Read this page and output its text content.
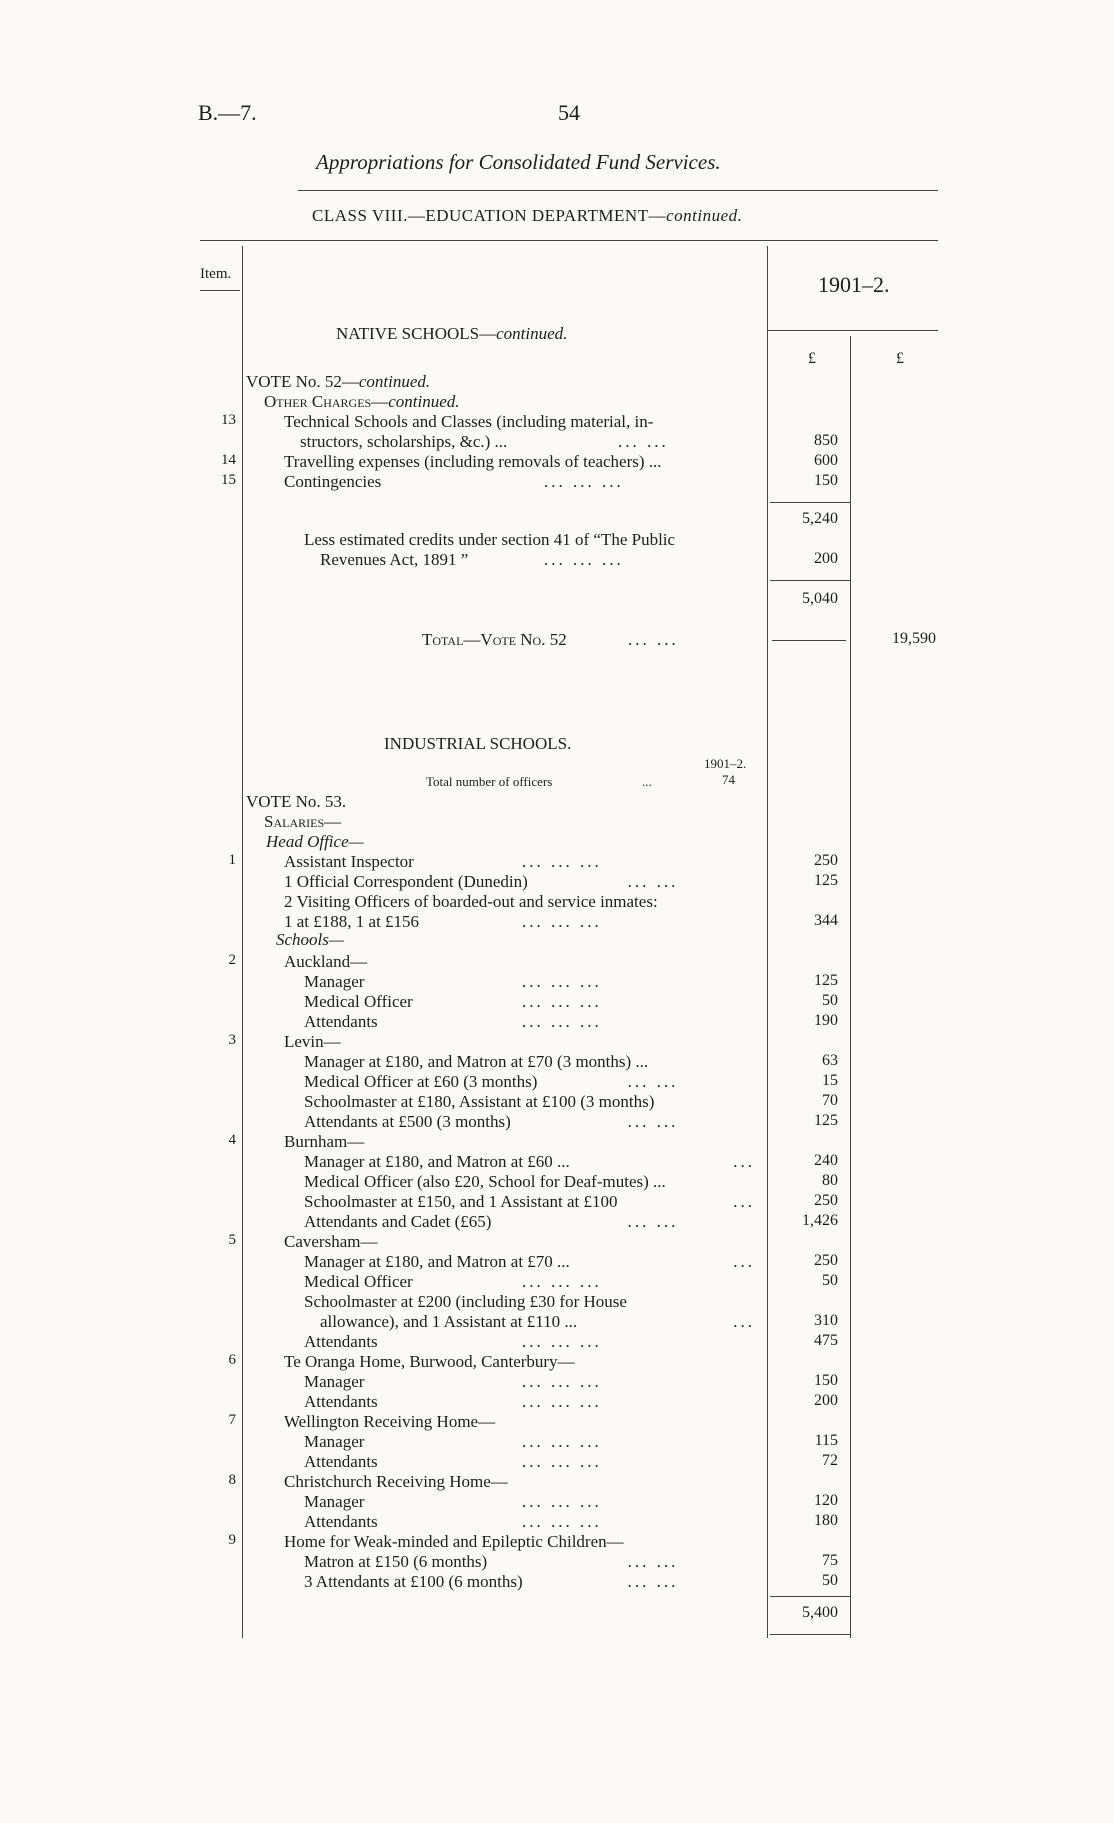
B.—7.	54
Appropriations for Consolidated Fund Services.
CLASS VIII.—EDUCATION DEPARTMENT—continued.
Item.	1901–2.
£	£
NATIVE SCHOOLS—continued.
VOTE No. 52—continued.
Other Charges—continued.
13	Technical Schools and Classes (including material, in-
structors, scholarships, &c.) ...	... ...	850
14	Travelling expenses (including removals of teachers) ...	600
15	Contingencies	... ... ...	150
5,240
Less estimated credits under section 41 of “The Public
Revenues Act, 1891 ”	... ... ...	200
5,040
Total—Vote No. 52	... ...	19,590
INDUSTRIAL SCHOOLS.
1901–2.
Total number of officers	...	74
VOTE No. 53.
Salaries—
Head Office—
Schools—
1	Assistant Inspector	... ... ...	250
1 Official Correspondent (Dunedin)	... ...	125
2 Visiting Officers of boarded-out and service inmates:
1 at £188, 1 at £156	... ... ...	344
2	Auckland—
Manager	... ... ...	125
Medical Officer	... ... ...	50
Attendants	... ... ...	190
3	Levin—
Manager at £180, and Matron at £70 (3 months) ...	63
Medical Officer at £60 (3 months)	... ...	15
Schoolmaster at £180, Assistant at £100 (3 months)	70
Attendants at £500 (3 months)	... ...	125
4	Burnham—
Manager at £180, and Matron at £60 ...	...	240
Medical Officer (also £20, School for Deaf-mutes) ...	80
Schoolmaster at £150, and 1 Assistant at £100	...	250
Attendants and Cadet (£65)	... ...	1,426
5	Caversham—
Manager at £180, and Matron at £70 ...	...	250
Medical Officer	... ... ...	50
Schoolmaster at £200 (including £30 for House
allowance), and 1 Assistant at £110 ...	...	310
Attendants	... ... ...	475
6	Te Oranga Home, Burwood, Canterbury—
Manager	... ... ...	150
Attendants	... ... ...	200
7	Wellington Receiving Home—
Manager	... ... ...	115
Attendants	... ... ...	72
8	Christchurch Receiving Home—
Manager	... ... ...	120
Attendants	... ... ...	180
9	Home for Weak-minded and Epileptic Children—
Matron at £150 (6 months)	... ...	75
3 Attendants at £100 (6 months)	... ...	50
5,400
